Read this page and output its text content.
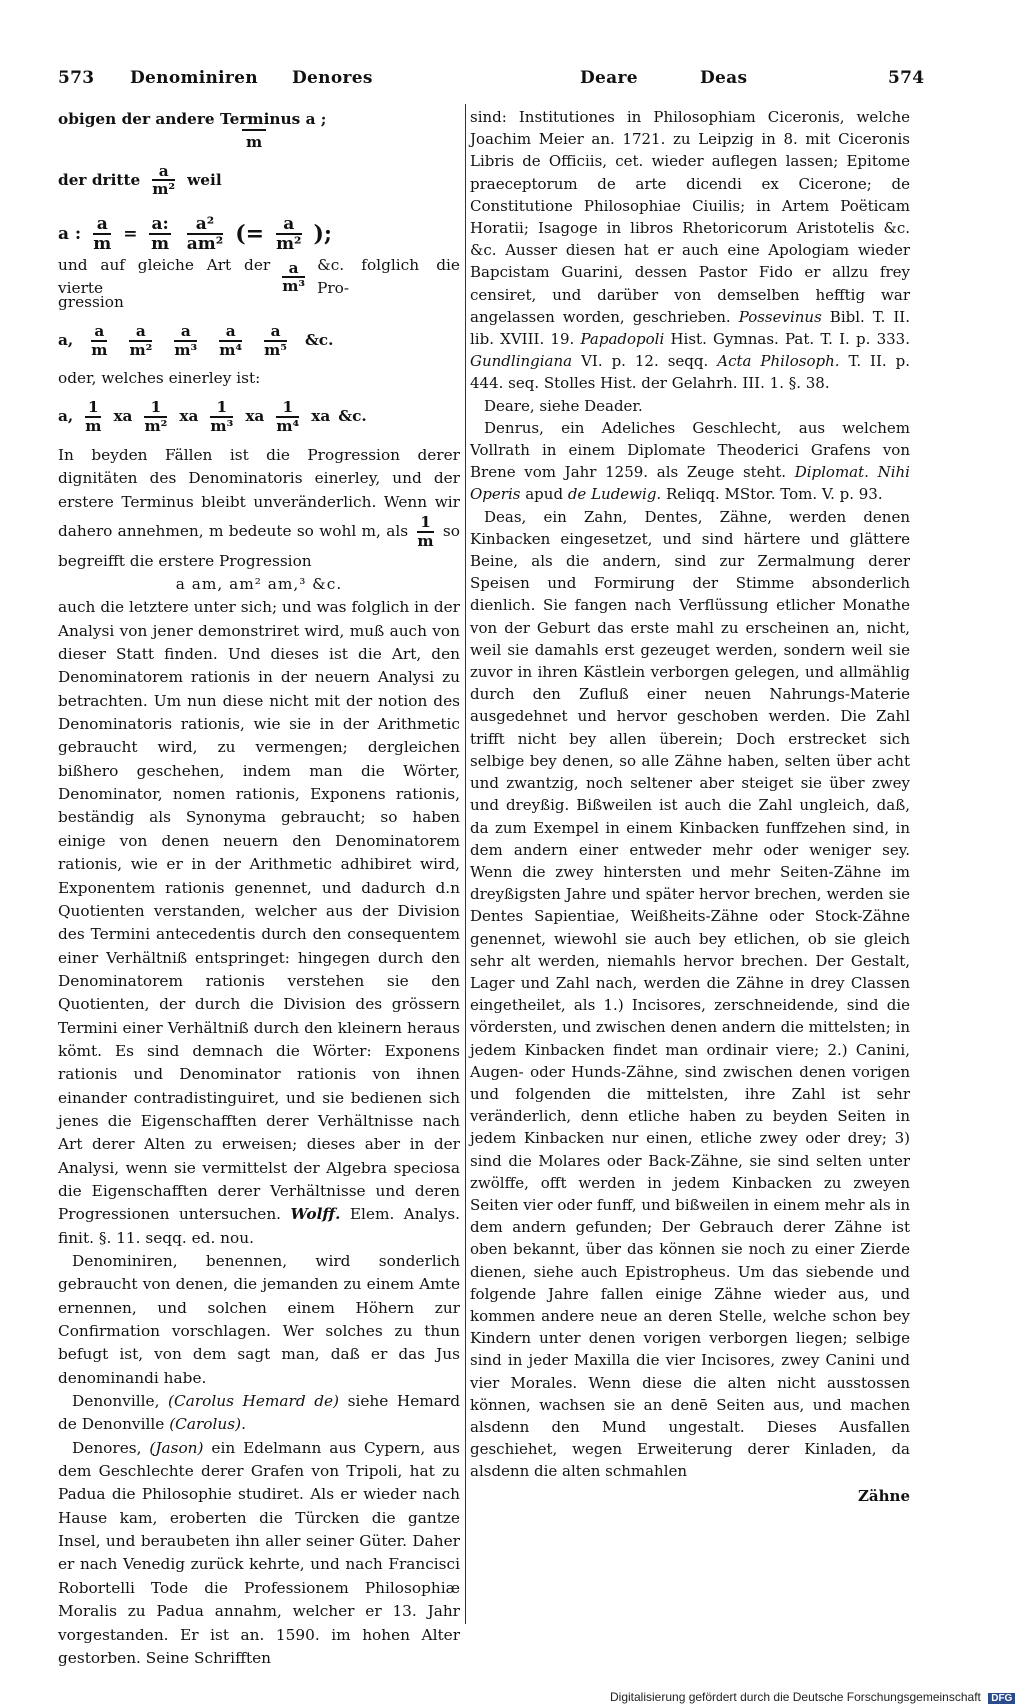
573 Denominiren Denores	Deare	Deas	574

obigen der andere Terminus a ;

m

der dritte $\frac{a}{\text{m²}}$ weil
a : $\frac{a}{m} = \frac{a:}{m} \frac{\text{a²}}{\text{am²}}$ (= $\frac{a}{\text{m²}}$ );
und auf gleiche Art der vierte	$\frac{a}{\text{m³}}$ &c. folglich die Pro-

gression

a, $\frac{a}{m} \frac{a}{\text{m²}} \frac{a}{\text{m³}} \frac{a}{\text{m⁴}} \frac{a}{\text{m⁵}}$ &c.

oder, welches einerley ist:

a, $\frac{1}{m}$ xa $\frac{1}{\text{m²}}$ xa $\frac{1}{\text{m³}}$ xa $\frac{1}{\text{m⁴}}$ xa &c.

In beyden Fällen ist die Progression derer dignitäten des Denominatoris einerley, und der erstere Terminus bleibt unveränderlich. Wenn wir dahero annehmen, m bedeute so wohl m, als $\frac{1}{m}$ so begreifft die erstere Progression

a am, am² am,³ &c.

auch die letztere unter sich; und was folglich in der Analysi von jener demonstriret wird, muß auch von dieser Statt finden. Und dieses ist die Art, den Denominatorem rationis in der neuern Analysi zu betrachten. Um nun diese nicht mit der notion des Denominatoris rationis, wie sie in der Arithmetic gebraucht wird, zu vermengen; dergleichen bißhero geschehen, indem man die Wörter, Denominator, nomen rationis, Exponens rationis, beständig als Synonyma gebraucht; so haben einige von denen neuern den Denominatorem rationis, wie er in der Arithmetic adhibiret wird, Exponentem rationis genennet, und dadurch d.n Quotienten verstanden, welcher aus der Division des Termini antecedentis durch den consequentem einer Verhältniß entspringet: hingegen durch den Denominatorem rationis verstehen sie den Quotienten, der durch die Division des grössern Termini einer Verhältniß durch den kleinern heraus kömt. Es sind demnach die Wörter: Exponens rationis und Denominator rationis von ihnen einander contradistinguiret, und sie bedienen sich jenes die Eigenschafften derer Verhältnisse nach Art derer Alten zu erweisen; dieses aber in der Analysi, wenn sie vermittelst der Algebra speciosa die Eigenschafften derer Verhältnisse und deren Progressionen untersuchen. Wolff. Elem. Analys. finit. §. 11. seqq. ed. nou.

Denominiren, benennen, wird sonderlich gebraucht von denen, die jemanden zu einem Amte ernennen, und solchen einem Höhern zur Confirmation vorschlagen. Wer solches zu thun befugt ist, von dem sagt man, daß er das Jus denominandi habe.

Denonville, (Carolus Hemard de) siehe Hemard de Denonville (Carolus).

Denores, (Jason) ein Edelmann aus Cypern, aus dem Geschlechte derer Grafen von Tripoli, hat zu Padua die Philosophie studiret. Als er wieder nach Hause kam, eroberten die Türcken die gantze Insel, und beraubeten ihn aller seiner Güter. Daher er nach Venedig zurück kehrte, und nach Francisci Robortelli Tode die Professionem Philosophiæ Moralis zu Padua annahm, welcher er 13. Jahr vorgestanden. Er ist an. 1590. im hohen Alter gestorben. Seine Schrifften

sind: Institutiones in Philosophiam Ciceronis, welche Joachim Meier an. 1721. zu Leipzig in 8. mit Ciceronis Libris de Officiis, cet. wieder auflegen lassen; Epitome praeceptorum de arte dicendi ex Cicerone; de Constitutione Philosophiae Ciuilis; in Artem Poëticam Horatii; Isagoge in libros Rhetoricorum Aristotelis &c. &c. Ausser diesen hat er auch eine Apologiam wieder Bapcistam Guarini, dessen Pastor Fido er allzu frey censiret, und darüber von demselben hefftig war angelassen worden, geschrieben. Possevinus Bibl. T. II. lib. XVIII. 19. Papadopoli Hist. Gymnas. Pat. T. I. p. 333. Gundlingiana VI. p. 12. seqq. Acta Philosoph. T. II. p. 444. seq. Stolles Hist. der Gelahrh. III. 1. §. 38.

Deare, siehe Deader.

Denrus, ein Adeliches Geschlecht, aus welchem Vollrath in einem Diplomate Theoderici Grafens von Brene vom Jahr 1259. als Zeuge steht. Diplomat. Nihi Operis apud de Ludewig. Reliqq. MStor. Tom. V. p. 93.

Deas, ein Zahn, Dentes, Zähne, werden denen Kinbacken eingesetzet, und sind härtere und glättere Beine, als die andern, sind zur Zermalmung derer Speisen und Formirung der Stimme absonderlich dienlich. Sie fangen nach Verflüssung etlicher Monathe von der Geburt das erste mahl zu erscheinen an, nicht, weil sie damahls erst gezeuget werden, sondern weil sie zuvor in ihren Kästlein verborgen gelegen, und allmählig durch den Zufluß einer neuen Nahrungs-Materie ausgedehnet und hervor geschoben werden. Die Zahl trifft nicht bey allen überein; Doch erstrecket sich selbige bey denen, so alle Zähne haben, selten über acht und zwantzig, noch seltener aber steiget sie über zwey und dreyßig. Bißweilen ist auch die Zahl ungleich, daß, da zum Exempel in einem Kinbacken funffzehen sind, in dem andern einer entweder mehr oder weniger sey. Wenn die zwey hintersten und mehr Seiten-Zähne im dreyßigsten Jahre und später hervor brechen, werden sie Dentes Sapientiae, Weißheits-Zähne oder Stock-Zähne genennet, wiewohl sie auch bey etlichen, ob sie gleich sehr alt werden, niemahls hervor brechen. Der Gestalt, Lager und Zahl nach, werden die Zähne in drey Classen eingetheilet, als 1.) Incisores, zerschneidende, sind die vördersten, und zwischen denen andern die mittelsten; in jedem Kinbacken findet man ordinair viere; 2.) Canini, Augen- oder Hunds-Zähne, sind zwischen denen vorigen und folgenden die mittelsten, ihre Zahl ist sehr veränderlich, denn etliche haben zu beyden Seiten in jedem Kinbacken nur einen, etliche zwey oder drey; 3) sind die Molares oder Back-Zähne, sie sind selten unter zwölffe, offt werden in jedem Kinbacken zu zweyen Seiten vier oder funff, und bißweilen in einem mehr als in dem andern gefunden; Der Gebrauch derer Zähne ist oben bekannt, über das können sie noch zu einer Zierde dienen, siehe auch Epistropheus. Um das siebende und folgende Jahre fallen einige Zähne wieder aus, und kommen andere neue an deren Stelle, welche schon bey Kindern unter denen vorigen verborgen liegen; selbige sind in jeder Maxilla die vier Incisores, zwey Canini und vier Morales. Wenn diese die alten nicht ausstossen können, wachsen sie an denē Seiten aus, und machen alsdenn den Mund ungestalt. Dieses Ausfallen geschiehet, wegen Erweiterung derer Kinladen, da alsdenn die alten schmahlen

Zähne

Digitalisierung gefördert durch die Deutsche Forschungsgemeinschaft DFG
